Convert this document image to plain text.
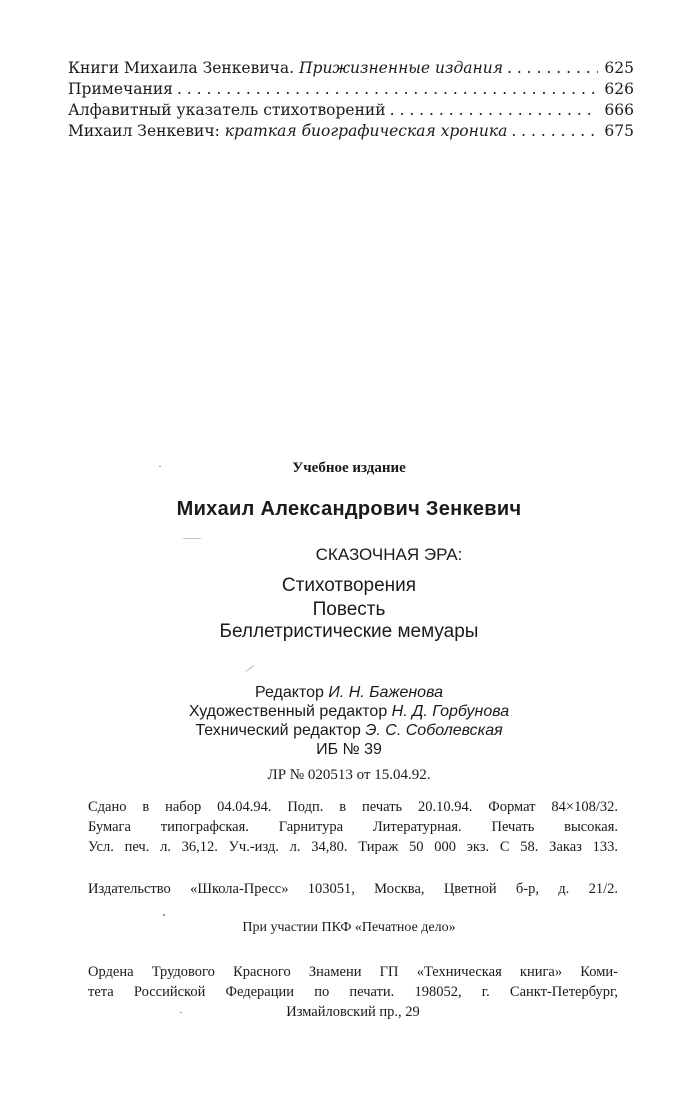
Книги Михаила Зенкевича. Прижизненные издания . . .	625
Примечания . . .	626
Алфавитный указатель стихотворений . . .	666
Михаил Зенкевич: краткая биографическая хроника . . .	675
Учебное издание
Михаил Александрович Зенкевич
СКАЗОЧНАЯ ЭРА:
Стихотворения
Повесть
Беллетристические мемуары
Редактор И. Н. Баженова
Художественный редактор Н. Д. Горбунова
Технический редактор Э. С. Соболевская
ИБ № 39
ЛР № 020513 от 15.04.92.
Сдано в набор 04.04.94. Подп. в печать 20.10.94. Формат 84×108/32.
Бумага типографская. Гарнитура Литературная. Печать высокая.
Усл. печ. л. 36,12. Уч.-изд. л. 34,80. Тираж 50 000 экз. С 58. Заказ 133.
Издательство «Школа-Пресс» 103051, Москва, Цветной б-р, д. 21/2.
При участии ПКФ «Печатное дело»
Ордена Трудового Красного Знамени ГП «Техническая книга» Коми-
тета Российской Федерации по печати. 198052, г. Санкт-Петербург,
Измайловский пр., 29
